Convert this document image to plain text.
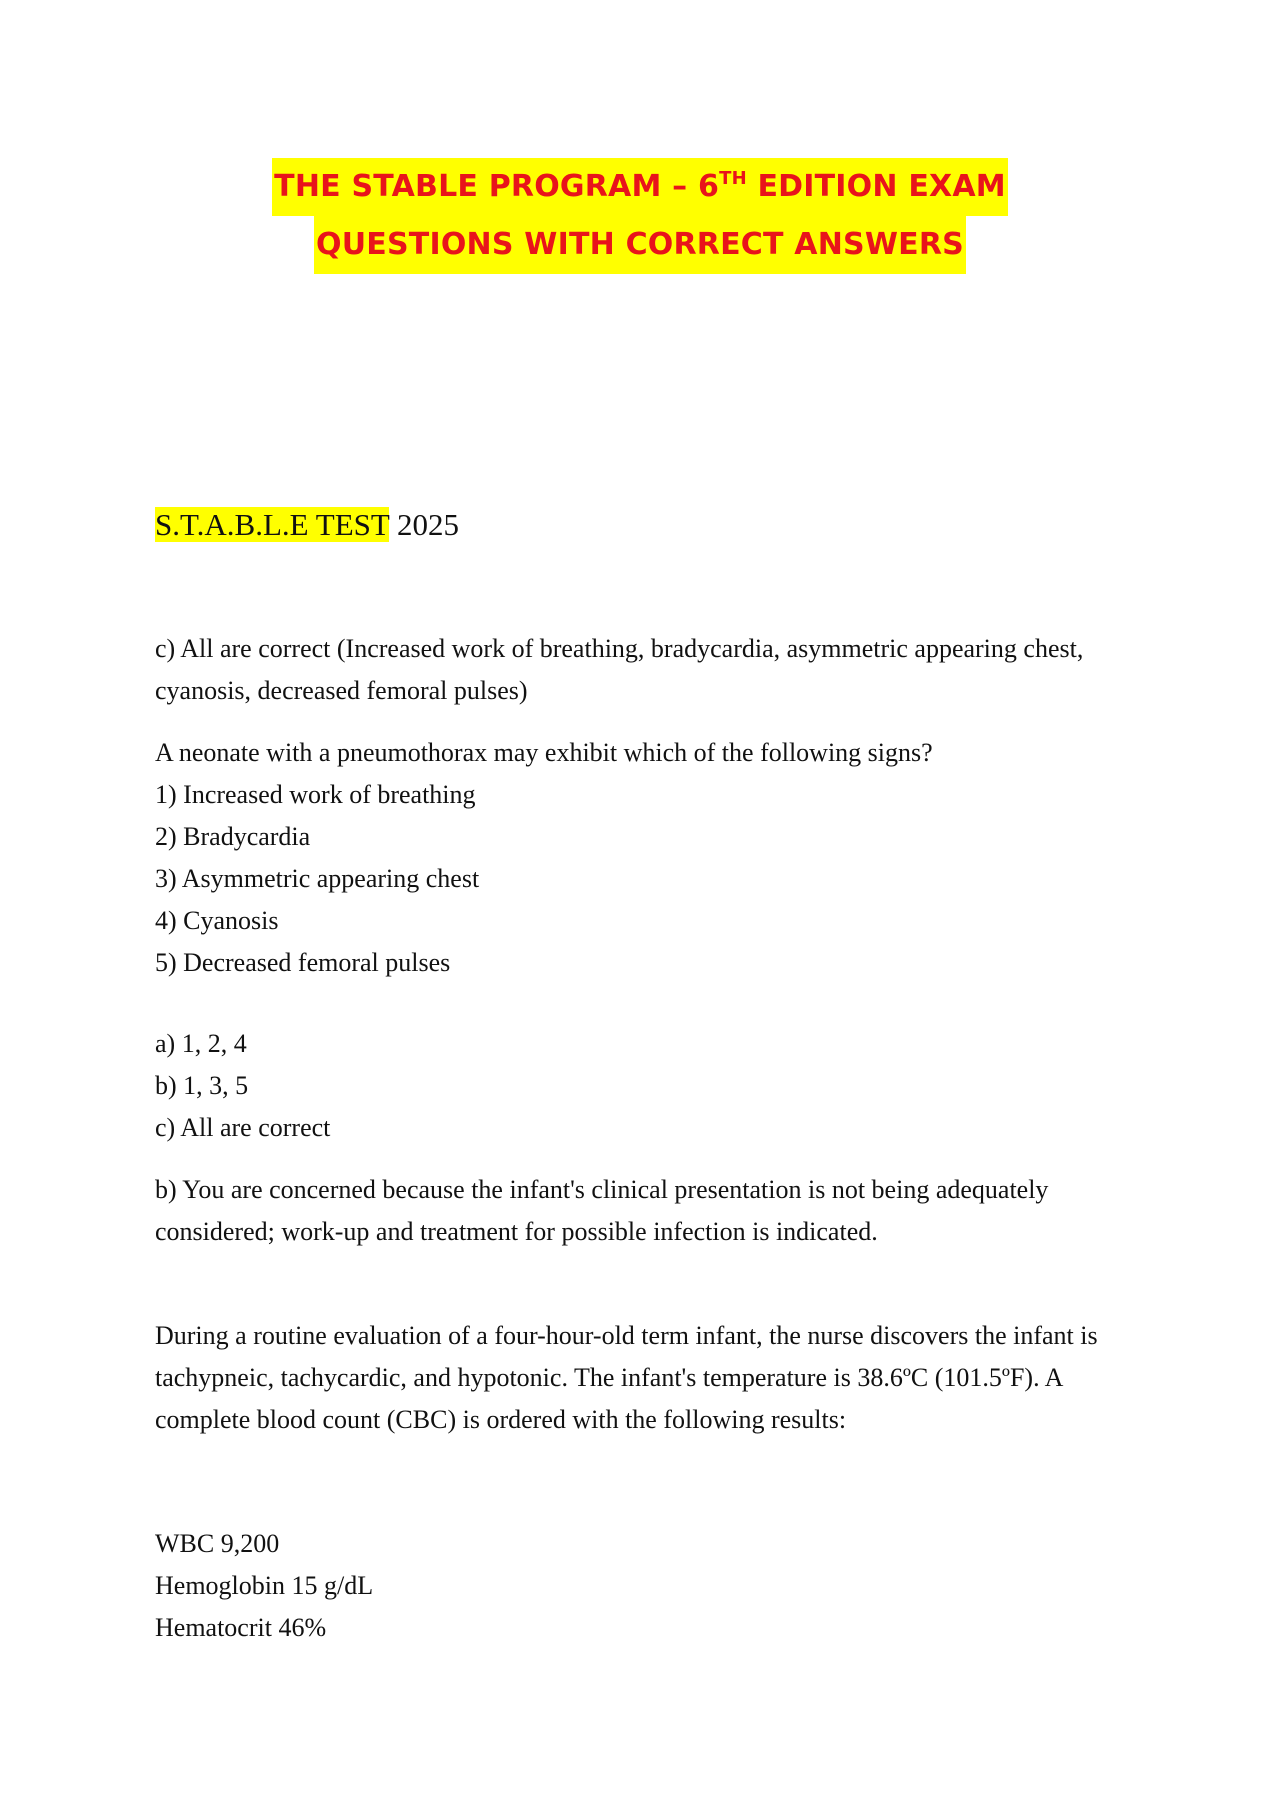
THE STABLE PROGRAM – 6TH EDITION EXAM
QUESTIONS WITH CORRECT ANSWERS
S.T.A.B.L.E TEST 2025

c) All are correct (Increased work of breathing, bradycardia, asymmetric appearing chest, cyanosis, decreased femoral pulses)

A neonate with a pneumothorax may exhibit which of the following signs?

1) Increased work of breathing

2) Bradycardia

3) Asymmetric appearing chest

4) Cyanosis

5) Decreased femoral pulses

a) 1, 2, 4

b) 1, 3, 5

c) All are correct

b) You are concerned because the infant's clinical presentation is not being adequately considered; work-up and treatment for possible infection is indicated.

During a routine evaluation of a four-hour-old term infant, the nurse discovers the infant is tachypneic, tachycardic, and hypotonic. The infant's temperature is 38.6ºC (101.5ºF). A complete blood count (CBC) is ordered with the following results:

WBC 9,200

Hemoglobin 15 g/dL

Hematocrit 46%
